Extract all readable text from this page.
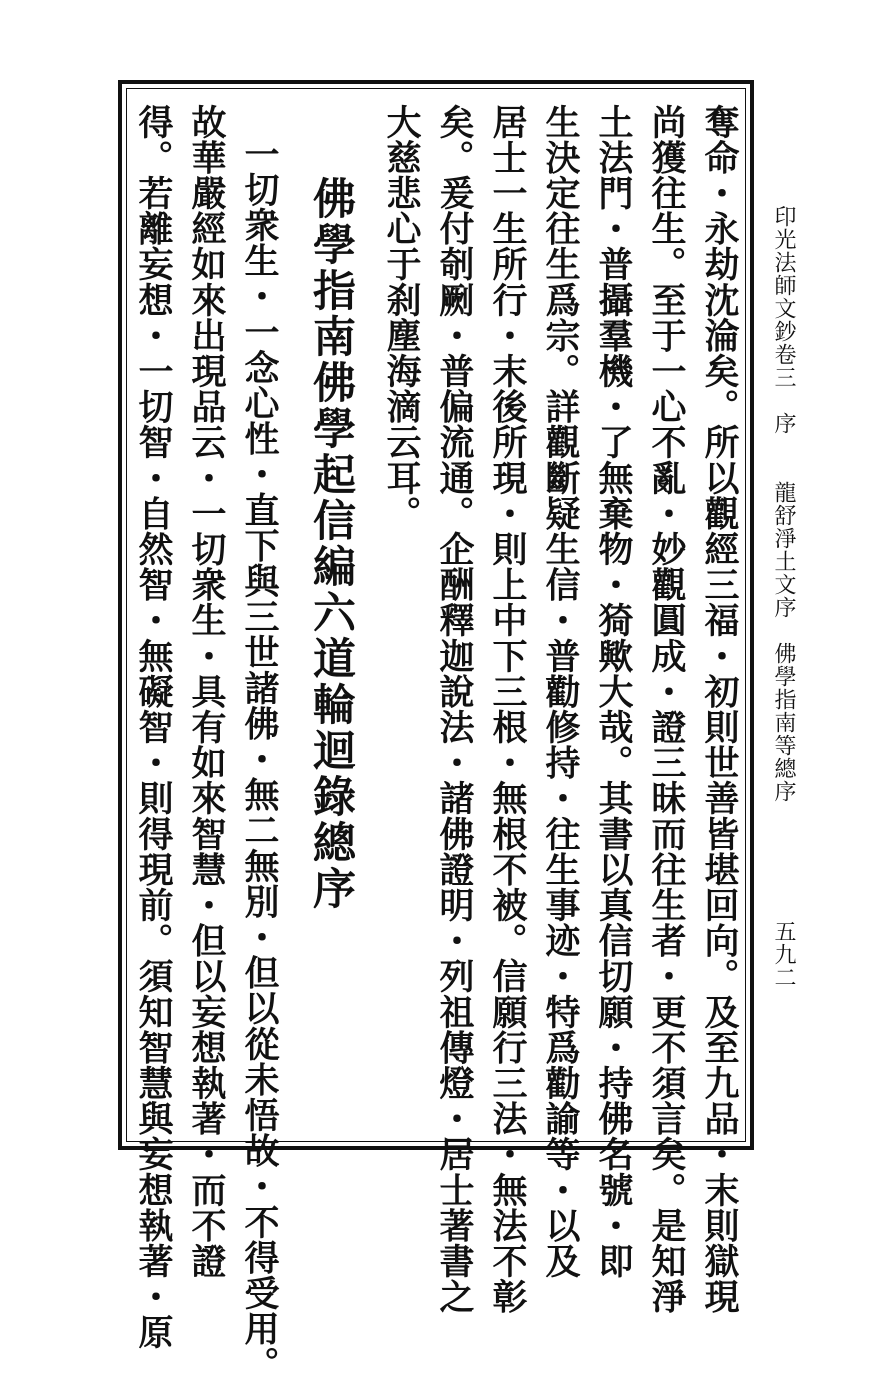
印光法師文鈔卷三　序　　龍舒淨土文序　佛學指南等總序
五九二
奪命・永劫沈淪矣。所以觀經三福・初則世善皆堪回向。及至九品・末則獄現
尚獲往生。至于一心不亂・妙觀圓成・證三昧而往生者・更不須言矣。是知淨
土法門・普攝羣機・了無棄物・猗歟大哉。其書以真信切願・持佛名號・即
生決定往生爲宗。詳觀斷疑生信・普勸修持・往生事迹・特爲勸諭等・以及
居士一生所行・末後所現・則上中下三根・無根不被。信願行三法・無法不彰
矣。爰付剞劂・普偏流通。企酬釋迦說法・諸佛證明・列祖傳燈・居士著書之
大慈悲心于刹塵海滴云耳。
佛學指南佛學起信編六道輪迴錄總序
一切衆生・一念心性・直下與三世諸佛・無二無別・但以從未悟故・不得受用。
故華嚴經如來出現品云・一切衆生・具有如來智慧・但以妄想執著・而不證
得。若離妄想・一切智・自然智・無礙智・則得現前。須知智慧與妄想執著・原
